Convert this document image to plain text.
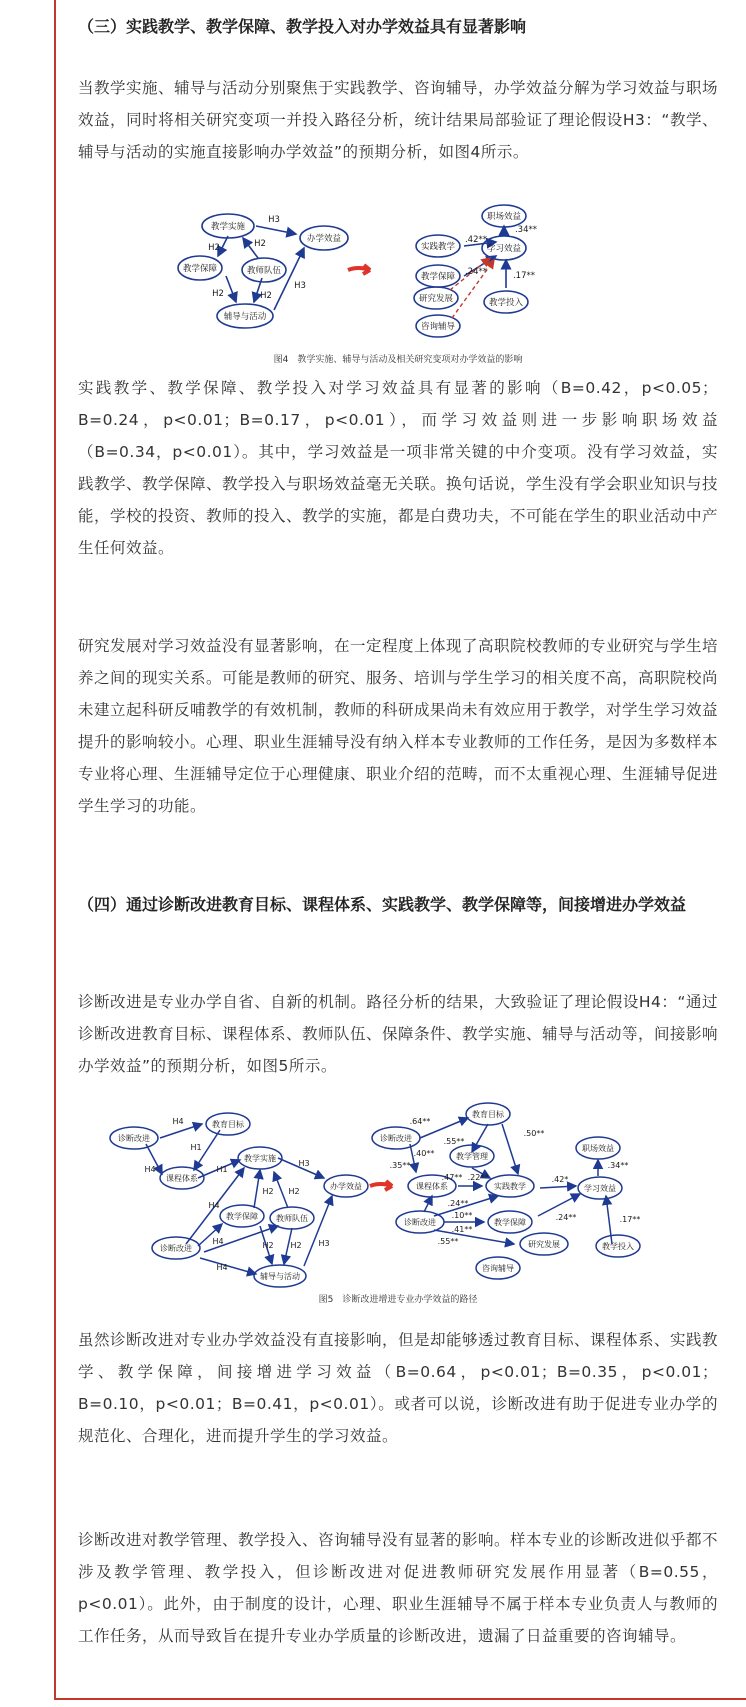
（三）实践教学、教学保障、教学投入对办学效益具有显著影响
当教学实施、辅导与活动分别聚焦于实践教学、咨询辅导，办学效益分解为学习效益与职场效益，同时将相关研究变项一并投入路径分析，统计结果局部验证了理论假设H3：“教学、辅导与活动的实施直接影响办学效益”的预期分析，如图4所示。
教学实施
教学保障	教师队伍
辅导与活动
办学效益
H3
H2	H2
H2	H2
H3
职场效益
学习效益
实践教学
教学保障
研究发展	教学投入
咨询辅导
.42**
.24**
.34**
.17**
图4　教学实施、辅导与活动及相关研究变项对办学效益的影响
实践教学、教学保障、教学投入对学习效益具有显著的影响（B=0.42，p<0.05；B=0.24，p<0.01；B=0.17，p<0.01），而学习效益则进一步影响职场效益（B=0.34，p<0.01）。其中，学习效益是一项非常关键的中介变项。没有学习效益，实践教学、教学保障、教学投入与职场效益毫无关联。换句话说，学生没有学会职业知识与技能，学校的投资、教师的投入、教学的实施，都是白费功夫，不可能在学生的职业活动中产生任何效益。
研究发展对学习效益没有显著影响，在一定程度上体现了高职院校教师的专业研究与学生培养之间的现实关系。可能是教师的研究、服务、培训与学生学习的相关度不高，高职院校尚未建立起科研反哺教学的有效机制，教师的科研成果尚未有效应用于教学，对学生学习效益提升的影响较小。心理、职业生涯辅导没有纳入样本专业教师的工作任务，是因为多数样本专业将心理、生涯辅导定位于心理健康、职业介绍的范畴，而不太重视心理、生涯辅导促进学生学习的功能。
（四）通过诊断改进教育目标、课程体系、实践教学、教学保障等，间接增进办学效益
诊断改进是专业办学自省、自新的机制。路径分析的结果，大致验证了理论假设H4：“通过诊断改进教育目标、课程体系、教师队伍、保障条件、教学实施、辅导与活动等，间接影响办学效益”的预期分析，如图5所示。
诊断改进
教育目标
课程体系
教学实施
教学保障 教师队伍
诊断改进
辅导与活动
办学效益
H4
H1
H4	H1
H3
H2 H2
H4
H4	H2
H4
H2 H3
诊断改进
教育目标
教学管理
课程体系	实践教学
职场效益
学习效益
诊断改进	教学保障
研究发展	教学投入
咨询辅导
.64**
.40**
.55**
.35**
.50**
.47** .22**	.42*
.34**
.24**
.10**
.41**
.55**
.24**	.17**
图5　诊断改进增进专业办学效益的路径
虽然诊断改进对专业办学效益没有直接影响，但是却能够透过教育目标、课程体系、实践教学、教学保障，间接增进学习效益（B=0.64，p<0.01；B=0.35，p<0.01；B=0.10，p<0.01；B=0.41，p<0.01）。或者可以说，诊断改进有助于促进专业办学的规范化、合理化，进而提升学生的学习效益。
诊断改进对教学管理、教学投入、咨询辅导没有显著的影响。样本专业的诊断改进似乎都不涉及教学管理、教学投入，但诊断改进对促进教师研究发展作用显著（B=0.55，p<0.01）。此外，由于制度的设计，心理、职业生涯辅导不属于样本专业负责人与教师的工作任务，从而导致旨在提升专业办学质量的诊断改进，遗漏了日益重要的咨询辅导。
